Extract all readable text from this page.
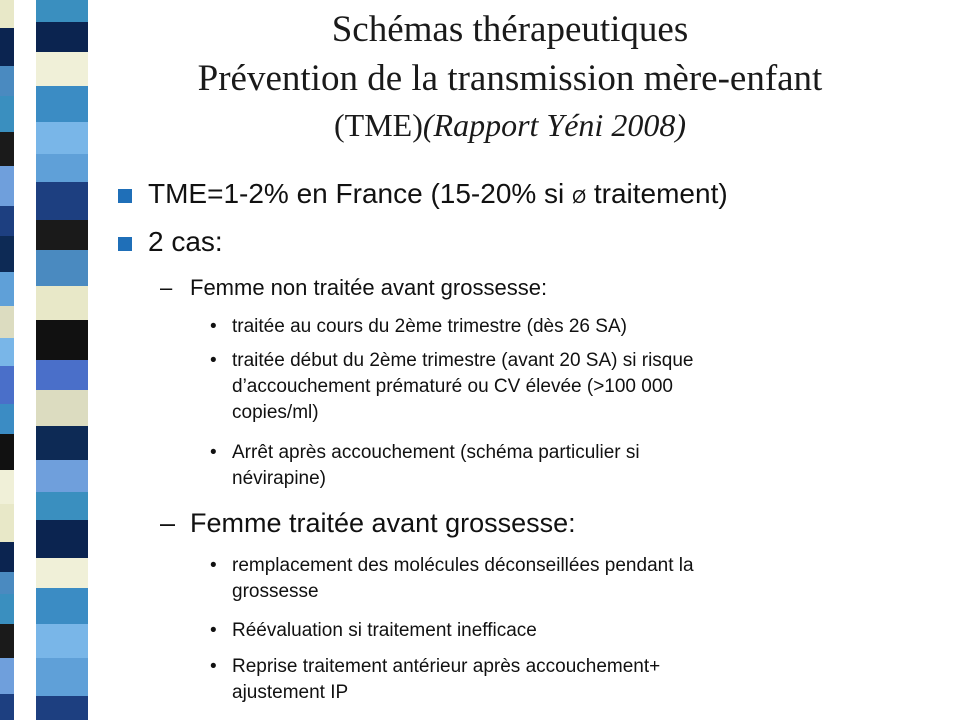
Schémas thérapeutiques
Prévention de la transmission mère-enfant
(TME)(Rapport Yéni 2008)
TME=1-2% en France (15-20% si Ø traitement)
2 cas:
– Femme non traitée avant grossesse:
• traitée au cours du 2ème trimestre (dès 26 SA)
• traitée début du 2ème trimestre (avant 20 SA) si risque
d’accouchement prématuré ou CV élevée (>100 000
copies/ml)
• Arrêt après accouchement (schéma particulier si
névirapine)
– Femme traitée avant grossesse:
• remplacement des molécules déconseillées pendant la
grossesse
• Réévaluation si traitement inefficace
• Reprise traitement antérieur après accouchement+
ajustement IP
